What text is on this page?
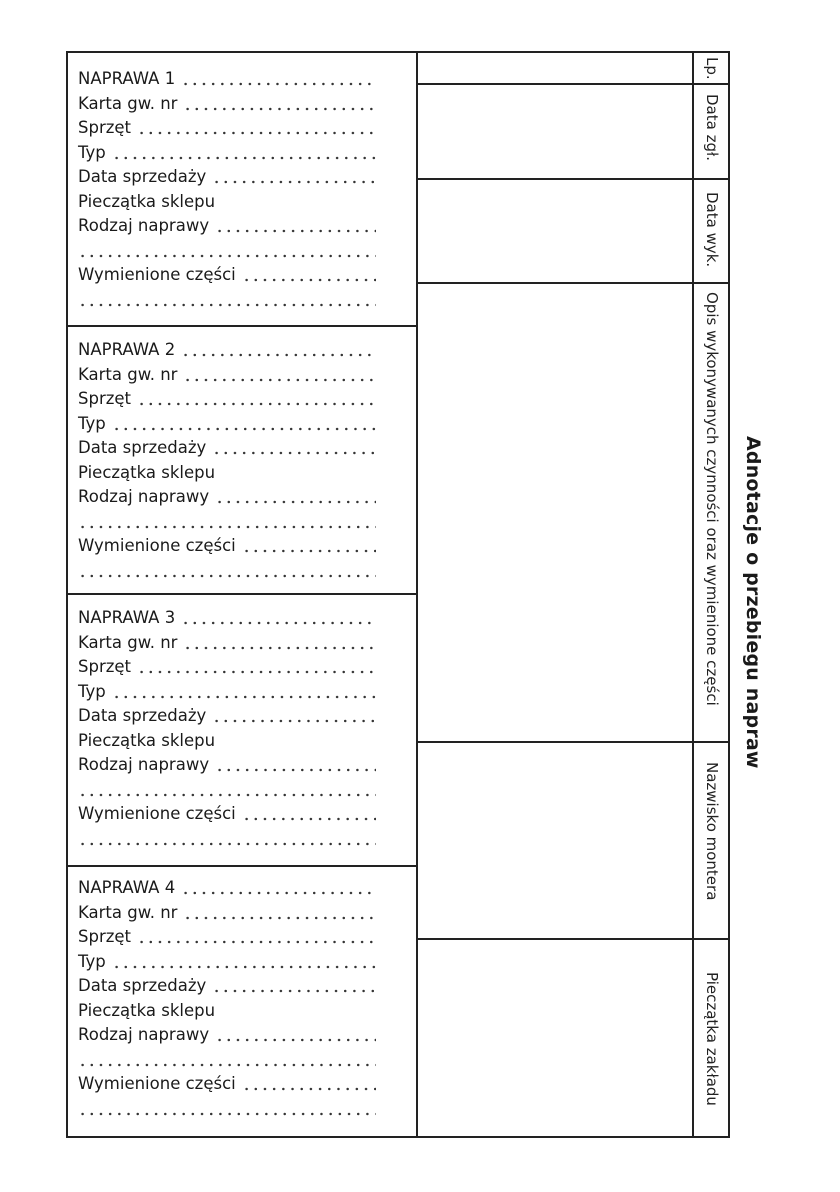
Lp.
Data zgł.
Data wyk.
Opis wykonywanych czynności oraz wymienione części
Nazwisko montera
Pieczątka zakładu
Adnotacje o przebiegu napraw
NAPRAWA 1
Karta gw. nr
Sprzęt
Typ
Data sprzedaży
Pieczątka sklepu
Rodzaj naprawy
Wymienione części
NAPRAWA 2
Karta gw. nr
Sprzęt
Typ
Data sprzedaży
Pieczątka sklepu
Rodzaj naprawy
Wymienione części
NAPRAWA 3
Karta gw. nr
Sprzęt
Typ
Data sprzedaży
Pieczątka sklepu
Rodzaj naprawy
Wymienione części
NAPRAWA 4
Karta gw. nr
Sprzęt
Typ
Data sprzedaży
Pieczątka sklepu
Rodzaj naprawy
Wymienione części
